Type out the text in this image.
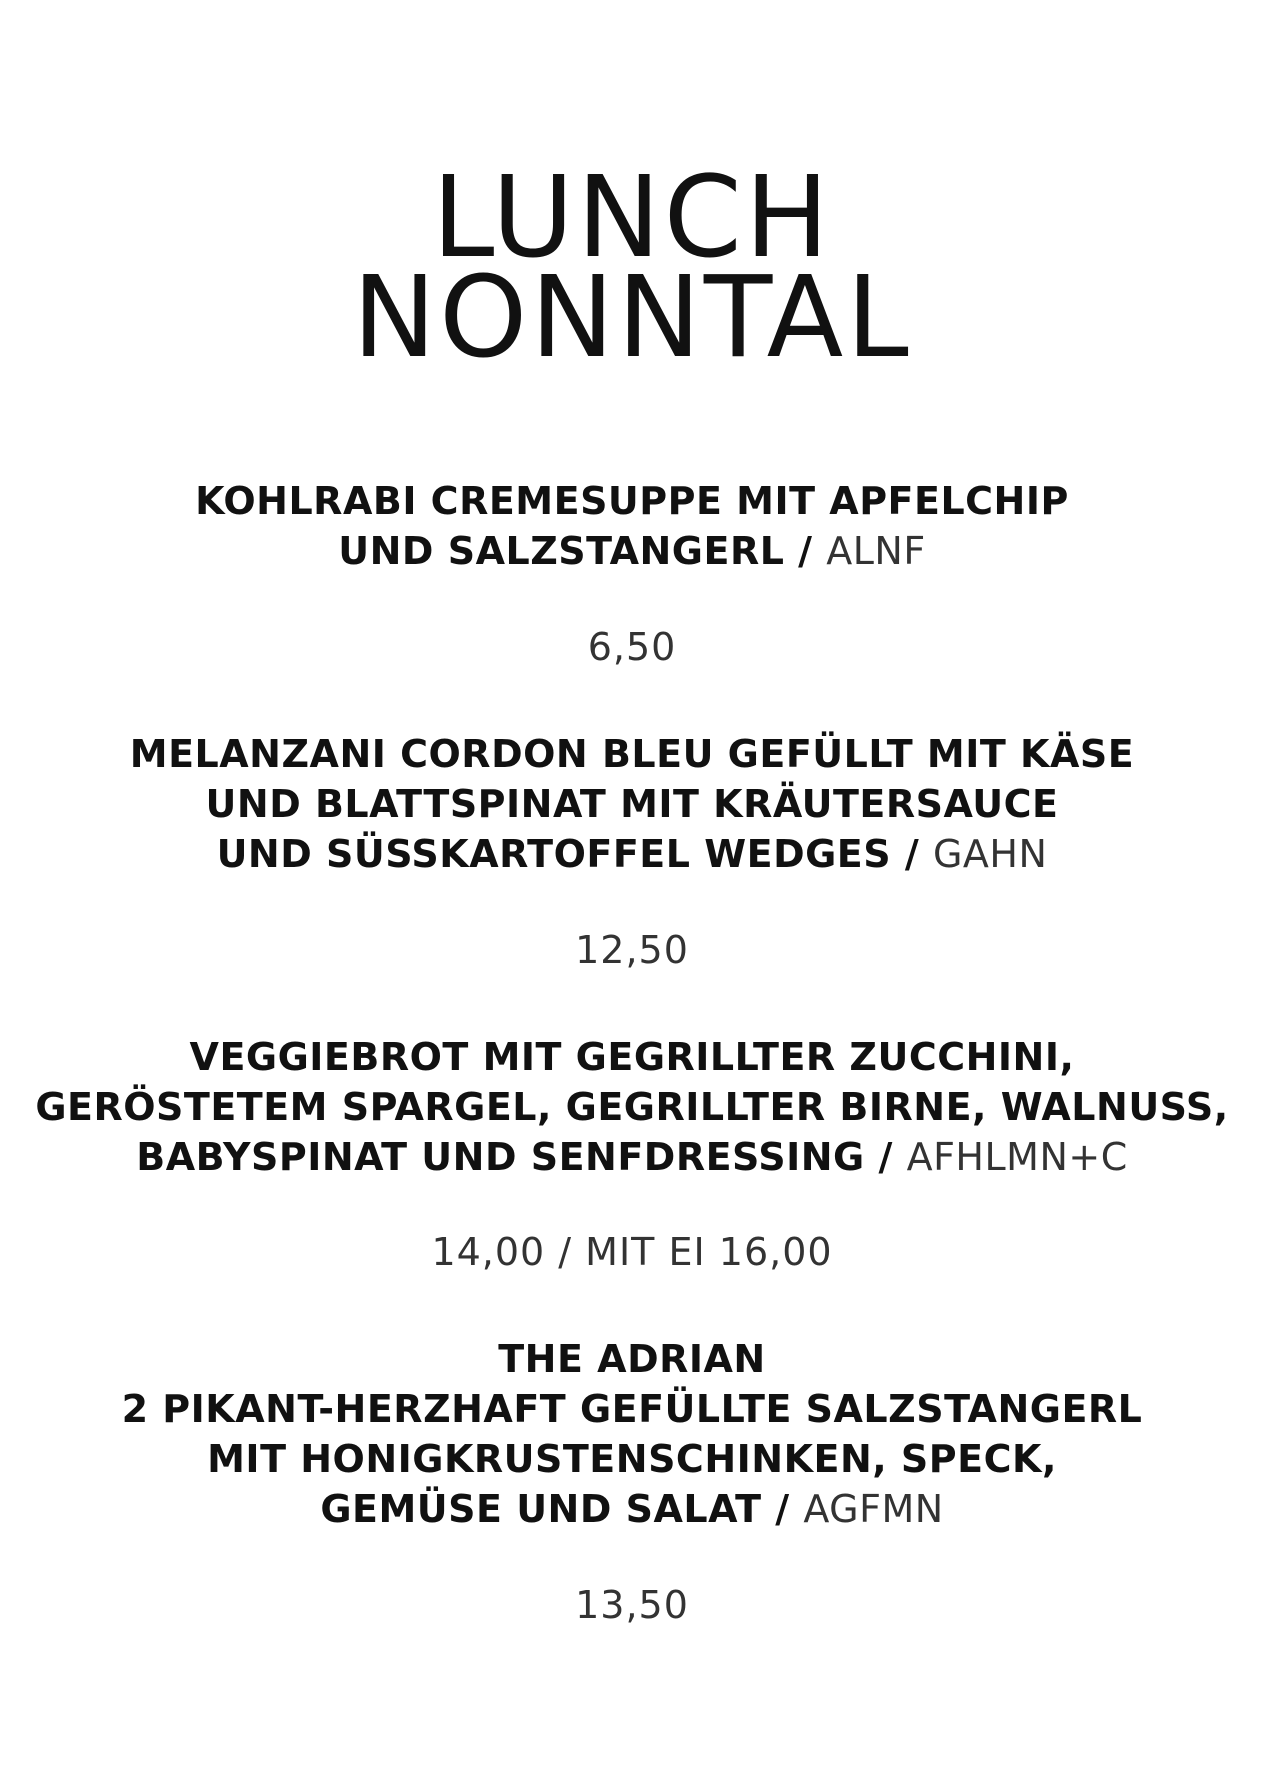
LUNCH
NONNTAL
KOHLRABI CREMESUPPE MIT APFELCHIP
UND SALZSTANGERL / ALNF
6,50
MELANZANI CORDON BLEU GEFÜLLT MIT KÄSE
UND BLATTSPINAT MIT KRÄUTERSAUCE
UND SÜSSKARTOFFEL WEDGES / GAHN
12,50
VEGGIEBROT MIT GEGRILLTER ZUCCHINI,
GERÖSTETEM SPARGEL, GEGRILLTER BIRNE, WALNUSS,
BABYSPINAT UND SENFDRESSING / AFHLMN+C
14,00 / MIT EI 16,00
THE ADRIAN
2 PIKANT-HERZHAFT GEFÜLLTE SALZSTANGERL
MIT HONIGKRUSTENSCHINKEN, SPECK,
GEMÜSE UND SALAT / AGFMN
13,50
